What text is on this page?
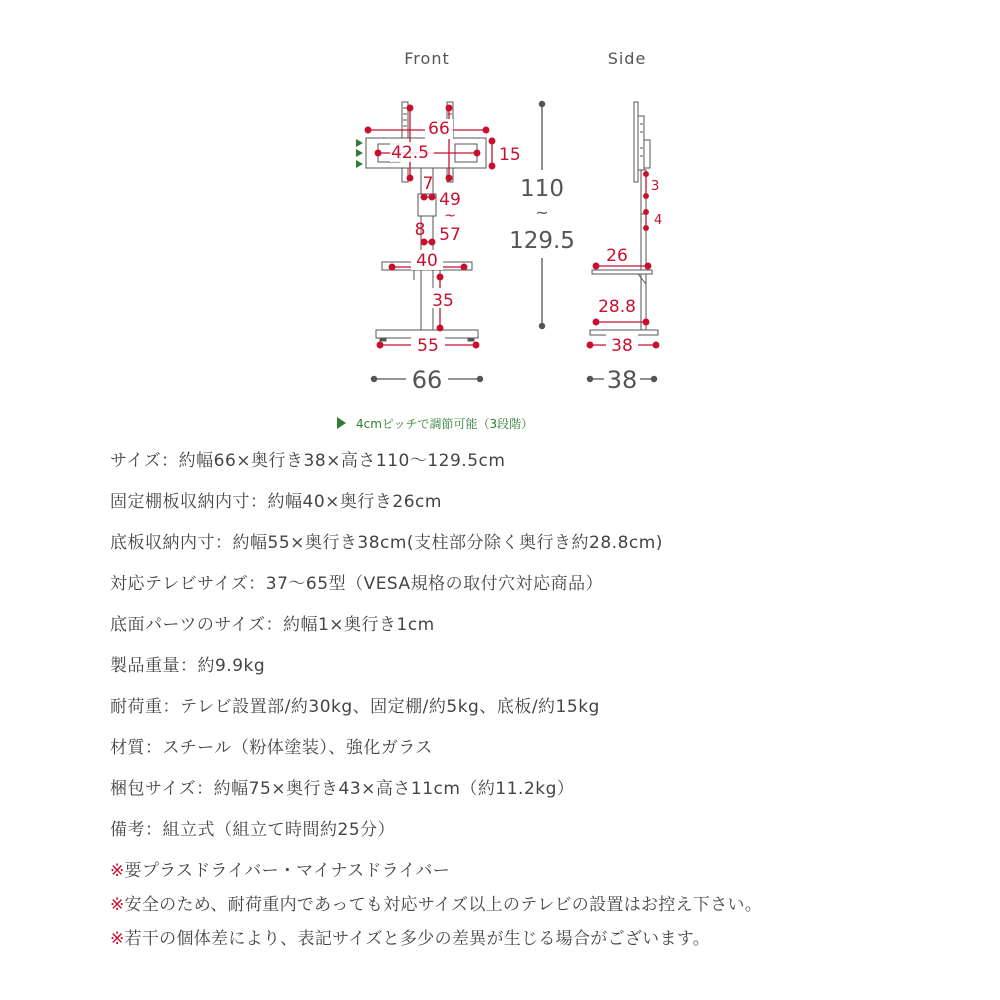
Front	Side
66
42.5	15
7
49
~
57
8
40
35
55
66
110
~
129.5
3
4
26
28.8
38
38
4cmピッチで調節可能（3段階）
サイズ：約幅66×奥行き38×高さ110〜129.5cm
固定棚板収納内寸：約幅40×奥行き26cm
底板収納内寸：約幅55×奥行き38cm(支柱部分除く奥行き約28.8cm)
対応テレビサイズ：37〜65型（VESA規格の取付穴対応商品）
底面パーツのサイズ：約幅1×奥行き1cm
製品重量：約9.9kg
耐荷重：テレビ設置部/約30kg、固定棚/約5kg、底板/約15kg
材質：スチール（粉体塗装）、強化ガラス
梱包サイズ：約幅75×奥行き43×高さ11cm（約11.2kg）
備考：組立式（組立て時間約25分）
※要プラスドライバー・マイナスドライバー
※安全のため、耐荷重内であっても対応サイズ以上のテレビの設置はお控え下さい。
※若干の個体差により、表記サイズと多少の差異が生じる場合がございます。
